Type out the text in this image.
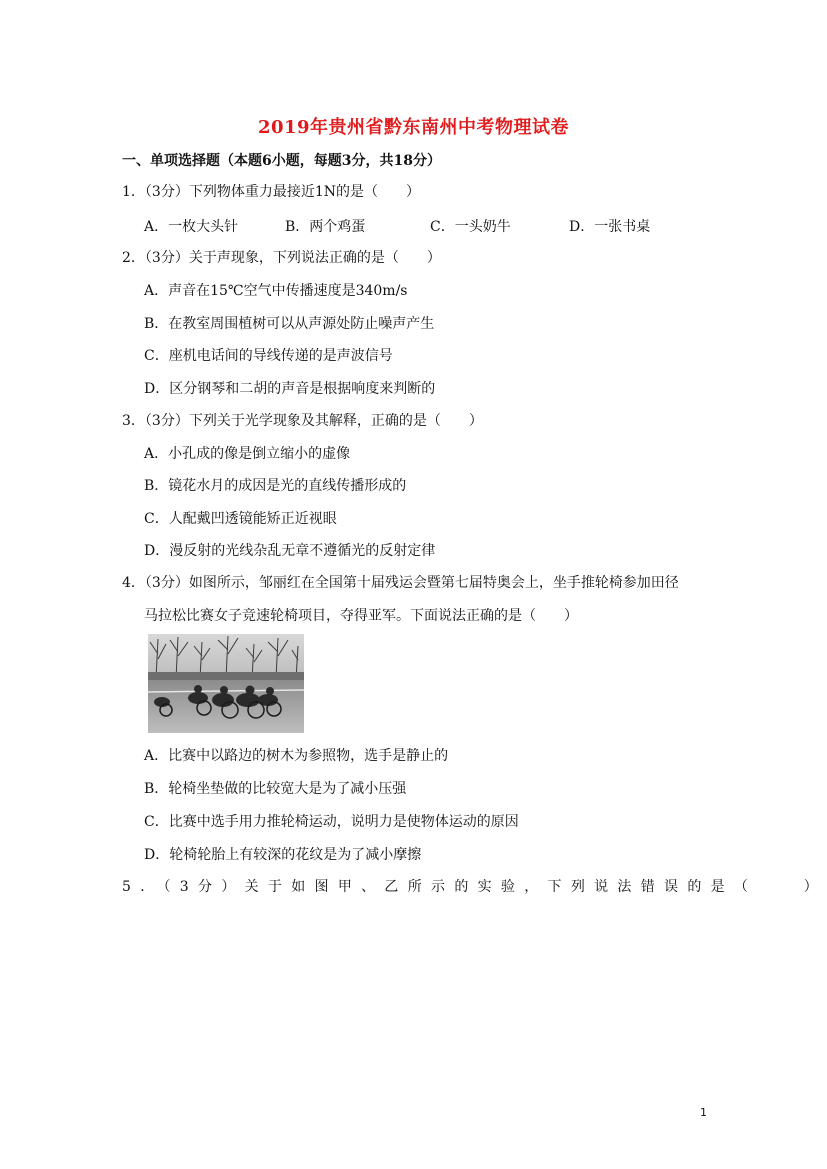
2019年贵州省黔东南州中考物理试卷
一、单项选择题（本题6小题，每题3分，共18分）
1．（3分）下列物体重力最接近1N的是（　　）
A．一枚大头针	B．两个鸡蛋	C．一头奶牛	D．一张书桌
2．（3分）关于声现象，下列说法正确的是（　　）
A．声音在15℃空气中传播速度是340m/s
B．在教室周围植树可以从声源处防止噪声产生
C．座机电话间的导线传递的是声波信号
D．区分钢琴和二胡的声音是根据响度来判断的
3．（3分）下列关于光学现象及其解释，正确的是（　　）
A．小孔成的像是倒立缩小的虚像
B．镜花水月的成因是光的直线传播形成的
C．人配戴凹透镜能矫正近视眼
D．漫反射的光线杂乱无章不遵循光的反射定律
4．（3分）如图所示，邹丽红在全国第十届残运会暨第七届特奥会上，坐手推轮椅参加田径
马拉松比赛女子竞速轮椅项目，夺得亚军。下面说法正确的是（　　）
A．比赛中以路边的树木为参照物，选手是静止的
B．轮椅坐垫做的比较宽大是为了减小压强
C．比赛中选手用力推轮椅运动，说明力是使物体运动的原因
D．轮椅轮胎上有较深的花纹是为了减小摩擦
5．（3分）关于如图甲、乙所示的实验，下列说法错误的是（　　）
1
